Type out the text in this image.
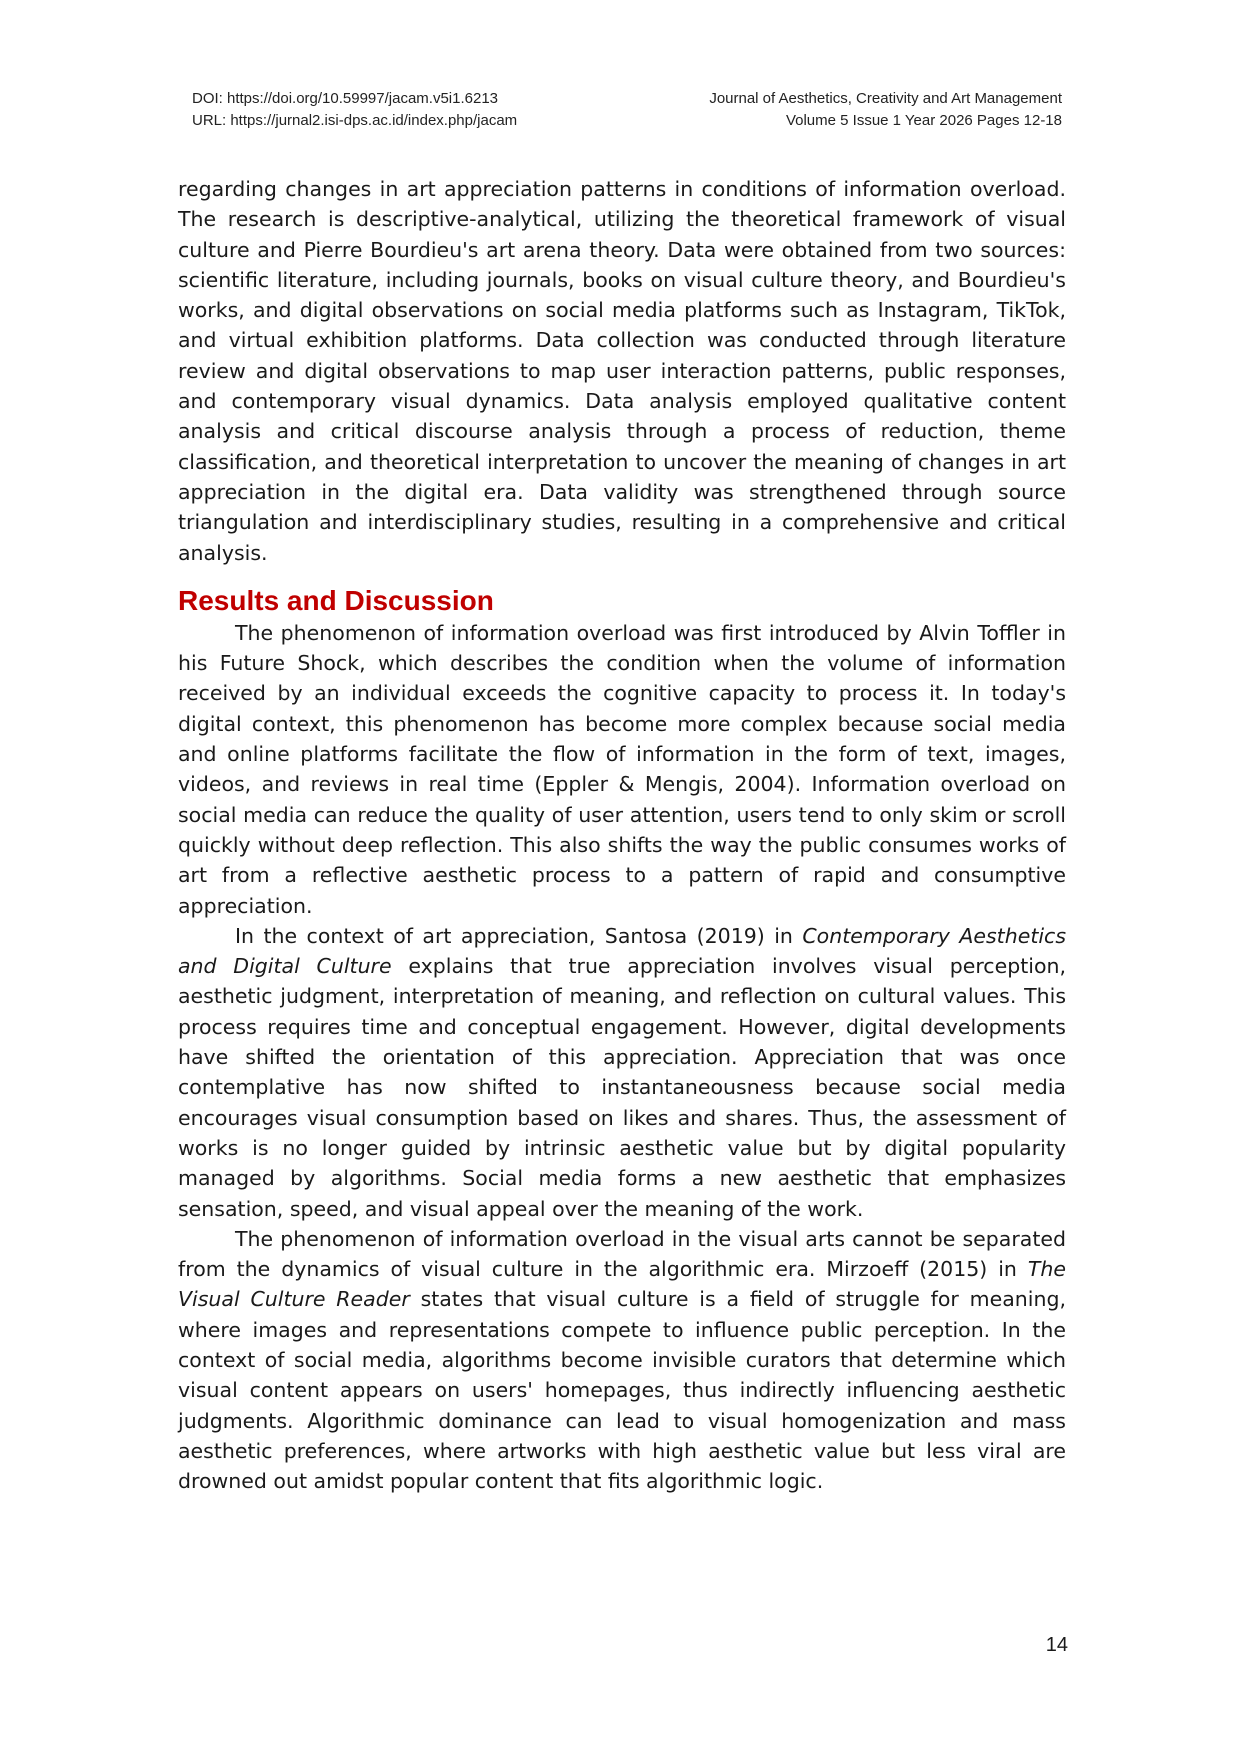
DOI: https://doi.org/10.59997/jacam.v5i1.6213	Journal of Aesthetics, Creativity and Art Management
URL: https://jurnal2.isi-dps.ac.id/index.php/jacam	Volume 5 Issue 1 Year 2026 Pages 12-18

regarding changes in art appreciation patterns in conditions of information overload. The research is descriptive-analytical, utilizing the theoretical framework of visual culture and Pierre Bourdieu's art arena theory. Data were obtained from two sources: scientific literature, including journals, books on visual culture theory, and Bourdieu's works, and digital observations on social media platforms such as Instagram, TikTok, and virtual exhibition platforms. Data collection was conducted through literature review and digital observations to map user interaction patterns, public responses, and contemporary visual dynamics. Data analysis employed qualitative content analysis and critical discourse analysis through a process of reduction, theme classification, and theoretical interpretation to uncover the meaning of changes in art appreciation in the digital era. Data validity was strengthened through source triangulation and interdisciplinary studies, resulting in a comprehensive and critical analysis.

Results and Discussion

The phenomenon of information overload was first introduced by Alvin Toffler in his Future Shock, which describes the condition when the volume of information received by an individual exceeds the cognitive capacity to process it. In today's digital context, this phenomenon has become more complex because social media and online platforms facilitate the flow of information in the form of text, images, videos, and reviews in real time (Eppler & Mengis, 2004). Information overload on social media can reduce the quality of user attention, users tend to only skim or scroll quickly without deep reflection. This also shifts the way the public consumes works of art from a reflective aesthetic process to a pattern of rapid and consumptive appreciation.

In the context of art appreciation, Santosa (2019) in Contemporary Aesthetics and Digital Culture explains that true appreciation involves visual perception, aesthetic judgment, interpretation of meaning, and reflection on cultural values. This process requires time and conceptual engagement. However, digital developments have shifted the orientation of this appreciation. Appreciation that was once contemplative has now shifted to instantaneousness because social media encourages visual consumption based on likes and shares. Thus, the assessment of works is no longer guided by intrinsic aesthetic value but by digital popularity managed by algorithms. Social media forms a new aesthetic that emphasizes sensation, speed, and visual appeal over the meaning of the work.

The phenomenon of information overload in the visual arts cannot be separated from the dynamics of visual culture in the algorithmic era. Mirzoeff (2015) in The Visual Culture Reader states that visual culture is a field of struggle for meaning, where images and representations compete to influence public perception. In the context of social media, algorithms become invisible curators that determine which visual content appears on users' homepages, thus indirectly influencing aesthetic judgments. Algorithmic dominance can lead to visual homogenization and mass aesthetic preferences, where artworks with high aesthetic value but less viral are drowned out amidst popular content that fits algorithmic logic.

14
